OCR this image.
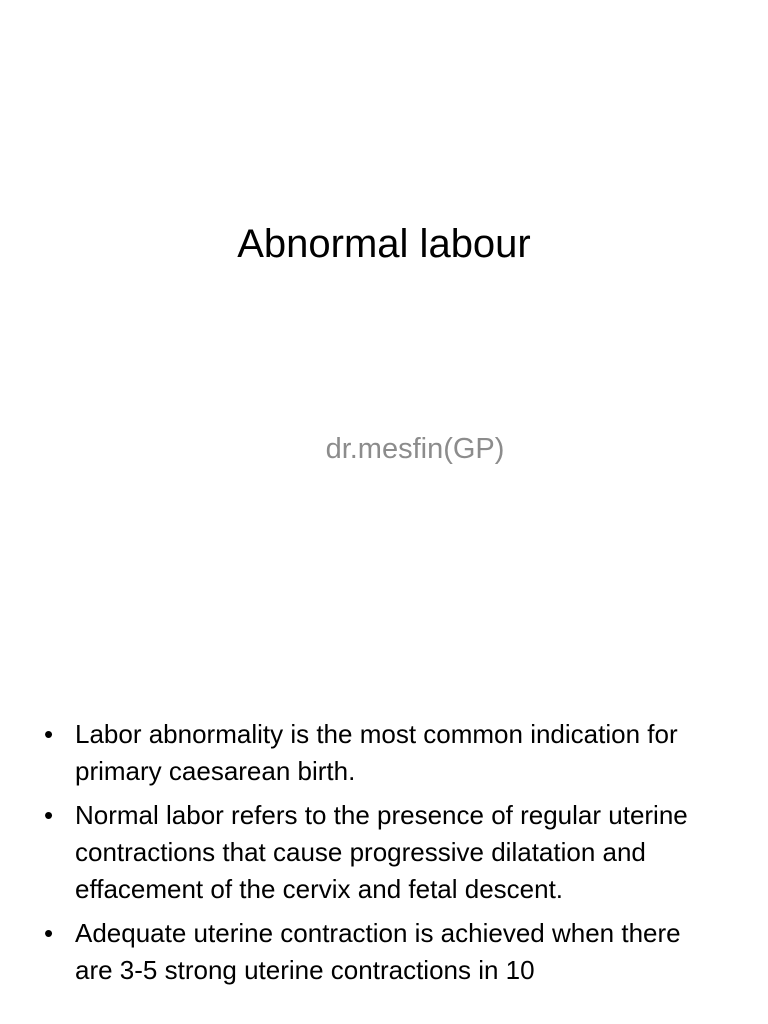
Abnormal labour

dr.mesfin(GP)

• Labor abnormality is the most common indication for primary caesarean birth.
• Normal labor refers to the presence of regular uterine contractions that cause progressive dilatation and effacement of the cervix and fetal descent.
• Adequate uterine contraction is achieved when there are 3-5 strong uterine contractions in 10
